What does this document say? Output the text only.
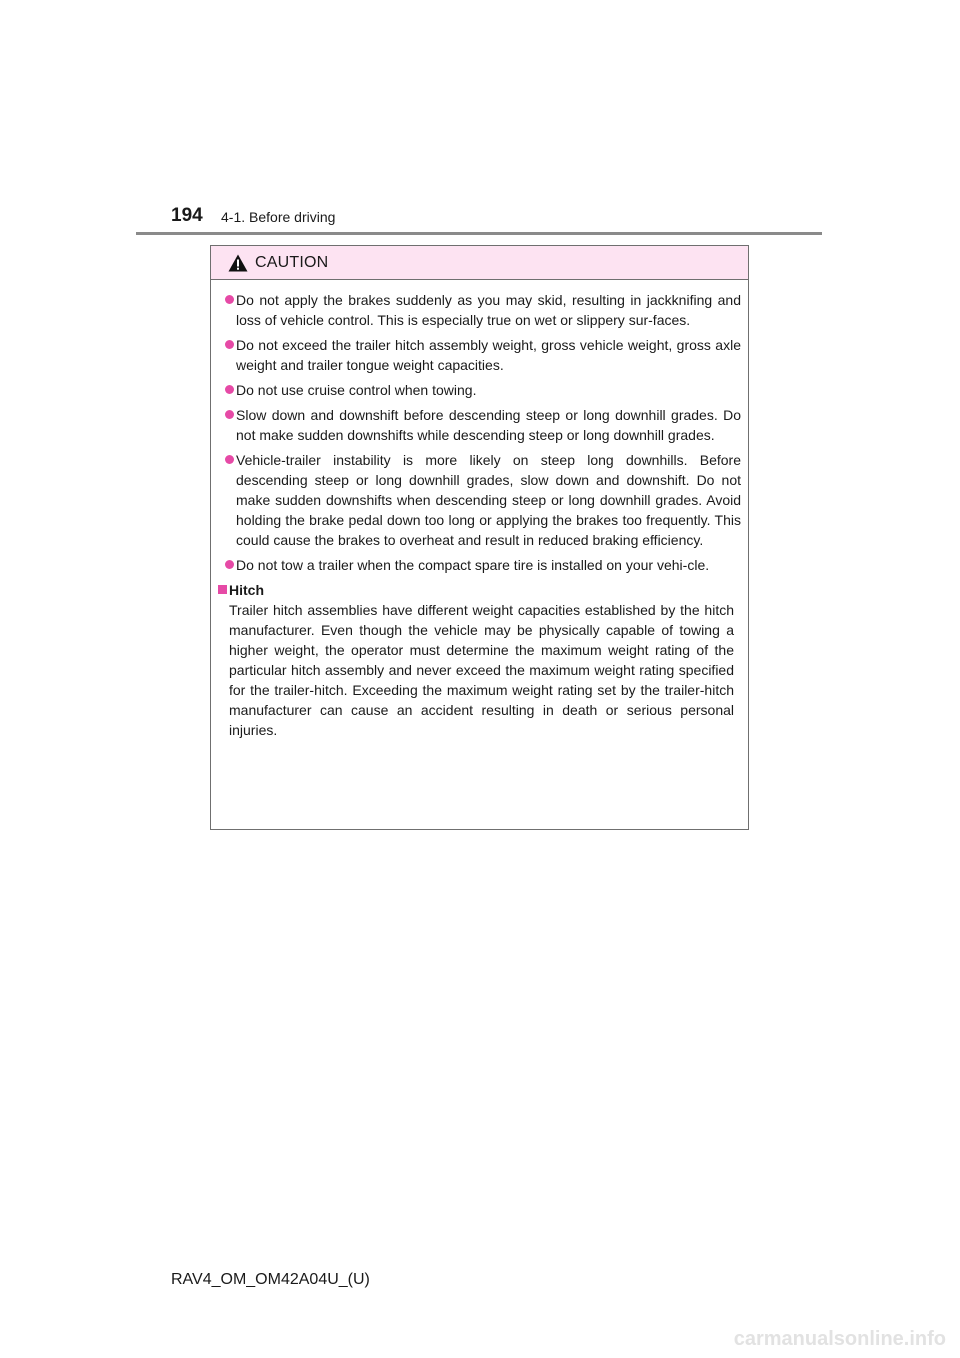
194 4-1. Before driving
CAUTION
Do not apply the brakes suddenly as you may skid, resulting in jackknifing and loss of vehicle control. This is especially true on wet or slippery sur-faces.
Do not exceed the trailer hitch assembly weight, gross vehicle weight, gross axle weight and trailer tongue weight capacities.
Do not use cruise control when towing.
Slow down and downshift before descending steep or long downhill grades. Do not make sudden downshifts while descending steep or long downhill grades.
Vehicle-trailer instability is more likely on steep long downhills. Before descending steep or long downhill grades, slow down and downshift. Do not make sudden downshifts when descending steep or long downhill grades. Avoid holding the brake pedal down too long or applying the brakes too frequently. This could cause the brakes to overheat and result in reduced braking efficiency.
Do not tow a trailer when the compact spare tire is installed on your vehi-cle.
Hitch
Trailer hitch assemblies have different weight capacities established by the hitch manufacturer. Even though the vehicle may be physically capable of towing a higher weight, the operator must determine the maximum weight rating of the particular hitch assembly and never exceed the maximum weight rating specified for the trailer-hitch. Exceeding the maximum weight rating set by the trailer-hitch manufacturer can cause an accident resulting in death or serious personal injuries.
RAV4_OM_OM42A04U_(U)
carmanualsonline.info
